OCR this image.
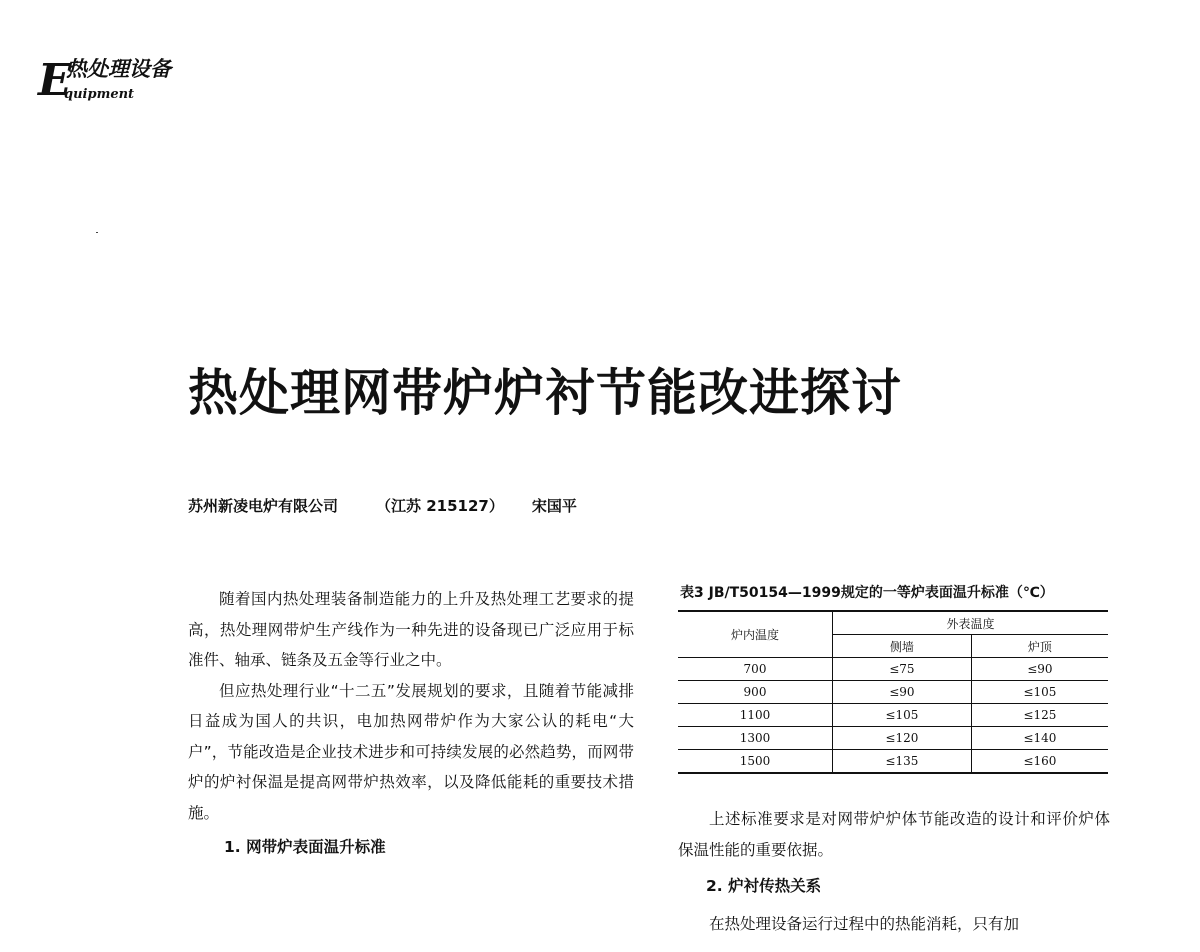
E
热处理设备
quipment
热处理网带炉炉衬节能改进探讨
苏州新凌电炉有限公司	（江苏 215127） 宋国平

随着国内热处理装备制造能力的上升及热处理工艺要求的提高，热处理网带炉生产线作为一种先进的设备现已广泛应用于标准件、轴承、链条及五金等行业之中。

但应热处理行业“十二五”发展规划的要求，且随着节能减排日益成为国人的共识，电加热网带炉作为大家公认的耗电“大户”，节能改造是企业技术进步和可持续发展的必然趋势，而网带炉的炉衬保温是提高网带炉热效率，以及降低能耗的重要技术措施。

1. 网带炉表面温升标准
表3 JB/T50154—1999规定的一等炉表面温升标准（℃）
炉内温度	外表温度	
	侧墙	炉顶
700	≤75	≤90
900	≤90	≤105
1100	≤105	≤125
1300	≤120	≤140
1500	≤135	≤160

上述标准要求是对网带炉炉体节能改造的设计和评价炉体保温性能的重要依据。

2. 炉衬传热关系

在热处理设备运行过程中的热能消耗，只有加
